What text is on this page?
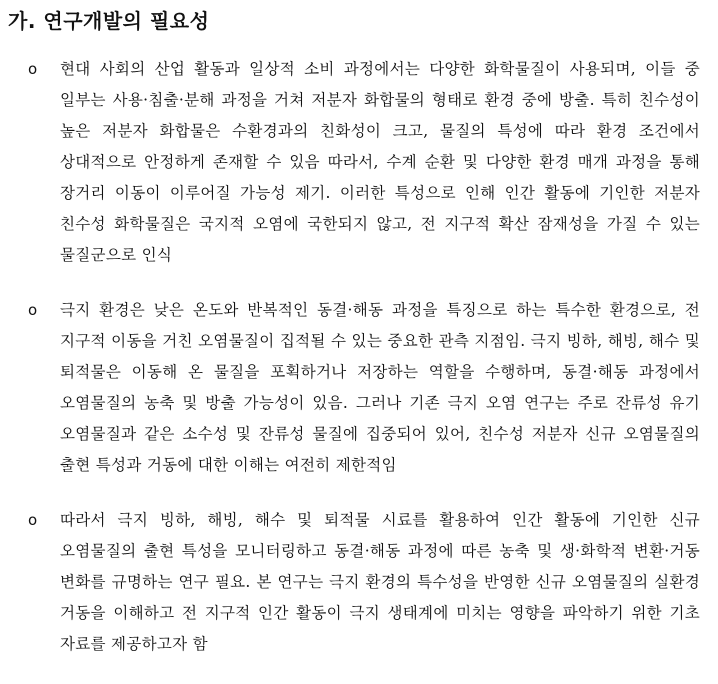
가. 연구개발의 필요성
o 현대 사회의 산업 활동과 일상적 소비 과정에서는 다양한 화학물질이 사용되며, 이들 중 일부는 사용·침출·분해 과정을 거쳐 저분자 화합물의 형태로 환경 중에 방출. 특히 친수성이 높은 저분자 화합물은 수환경과의 친화성이 크고, 물질의 특성에 따라 환경 조건에서 상대적으로 안정하게 존재할 수 있음 따라서, 수계 순환 및 다양한 환경 매개 과정을 통해 장거리 이동이 이루어질 가능성 제기. 이러한 특성으로 인해 인간 활동에 기인한 저분자 친수성 화학물질은 국지적 오염에 국한되지 않고, 전 지구적 확산 잠재성을 가질 수 있는 물질군으로 인식
o 극지 환경은 낮은 온도와 반복적인 동결·해동 과정을 특징으로 하는 특수한 환경으로, 전 지구적 이동을 거친 오염물질이 집적될 수 있는 중요한 관측 지점임. 극지 빙하, 해빙, 해수 및 퇴적물은 이동해 온 물질을 포획하거나 저장하는 역할을 수행하며, 동결·해동 과정에서 오염물질의 농축 및 방출 가능성이 있음. 그러나 기존 극지 오염 연구는 주로 잔류성 유기 오염물질과 같은 소수성 및 잔류성 물질에 집중되어 있어, 친수성 저분자 신규 오염물질의 출현 특성과 거동에 대한 이해는 여전히 제한적임
o 따라서 극지 빙하, 해빙, 해수 및 퇴적물 시료를 활용하여 인간 활동에 기인한 신규 오염물질의 출현 특성을 모니터링하고 동결·해동 과정에 따른 농축 및 생·화학적 변환·거동 변화를 규명하는 연구 필요. 본 연구는 극지 환경의 특수성을 반영한 신규 오염물질의 실환경 거동을 이해하고 전 지구적 인간 활동이 극지 생태계에 미치는 영향을 파악하기 위한 기초 자료를 제공하고자 함
